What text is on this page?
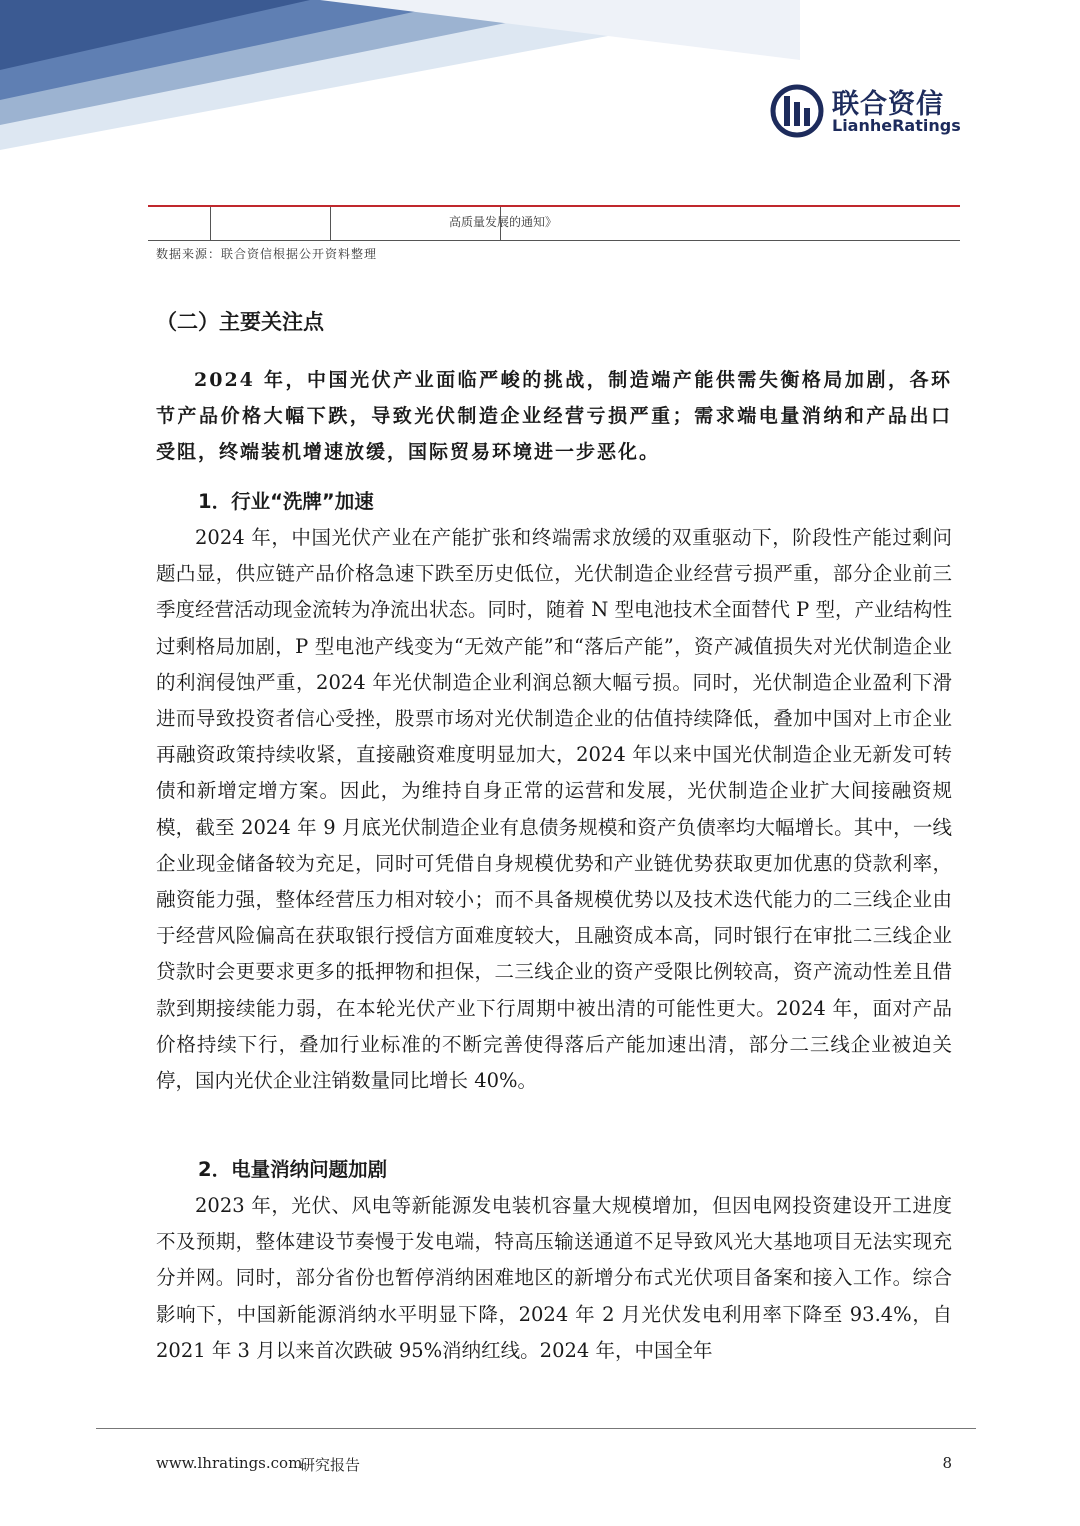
联合资信
LianheRatings
高质量发展的通知》
数据来源：联合资信根据公开资料整理
（二）主要关注点
2024 年，中国光伏产业面临严峻的挑战，制造端产能供需失衡格局加剧，各环节产品价格大幅下跌，导致光伏制造企业经营亏损严重；需求端电量消纳和产品出口受阻，终端装机增速放缓，国际贸易环境进一步恶化。
1．行业“洗牌”加速
2024 年，中国光伏产业在产能扩张和终端需求放缓的双重驱动下，阶段性产能过剩问题凸显，供应链产品价格急速下跌至历史低位，光伏制造企业经营亏损严重，部分企业前三季度经营活动现金流转为净流出状态。同时，随着 N 型电池技术全面替代 P 型，产业结构性过剩格局加剧，P 型电池产线变为“无效产能”和“落后产能”，资产减值损失对光伏制造企业的利润侵蚀严重，2024 年光伏制造企业利润总额大幅亏损。同时，光伏制造企业盈利下滑进而导致投资者信心受挫，股票市场对光伏制造企业的估值持续降低，叠加中国对上市企业再融资政策持续收紧，直接融资难度明显加大，2024 年以来中国光伏制造企业无新发可转债和新增定增方案。因此，为维持自身正常的运营和发展，光伏制造企业扩大间接融资规模，截至 2024 年 9 月底光伏制造企业有息债务规模和资产负债率均大幅增长。其中，一线企业现金储备较为充足，同时可凭借自身规模优势和产业链优势获取更加优惠的贷款利率，融资能力强，整体经营压力相对较小；而不具备规模优势以及技术迭代能力的二三线企业由于经营风险偏高在获取银行授信方面难度较大，且融资成本高，同时银行在审批二三线企业贷款时会更要求更多的抵押物和担保，二三线企业的资产受限比例较高，资产流动性差且借款到期接续能力弱，在本轮光伏产业下行周期中被出清的可能性更大。2024 年，面对产品价格持续下行，叠加行业标准的不断完善使得落后产能加速出清，部分二三线企业被迫关停，国内光伏企业注销数量同比增长 40%。
2．电量消纳问题加剧
2023 年，光伏、风电等新能源发电装机容量大规模增加，但因电网投资建设开工进度不及预期，整体建设节奏慢于发电端，特高压输送通道不足导致风光大基地项目无法实现充分并网。同时，部分省份也暂停消纳困难地区的新增分布式光伏项目备案和接入工作。综合影响下，中国新能源消纳水平明显下降，2024 年 2 月光伏发电利用率下降至 93.4%，自 2021 年 3 月以来首次跌破 95%消纳红线。2024 年，中国全年
www.lhratings.com
研究报告	8
